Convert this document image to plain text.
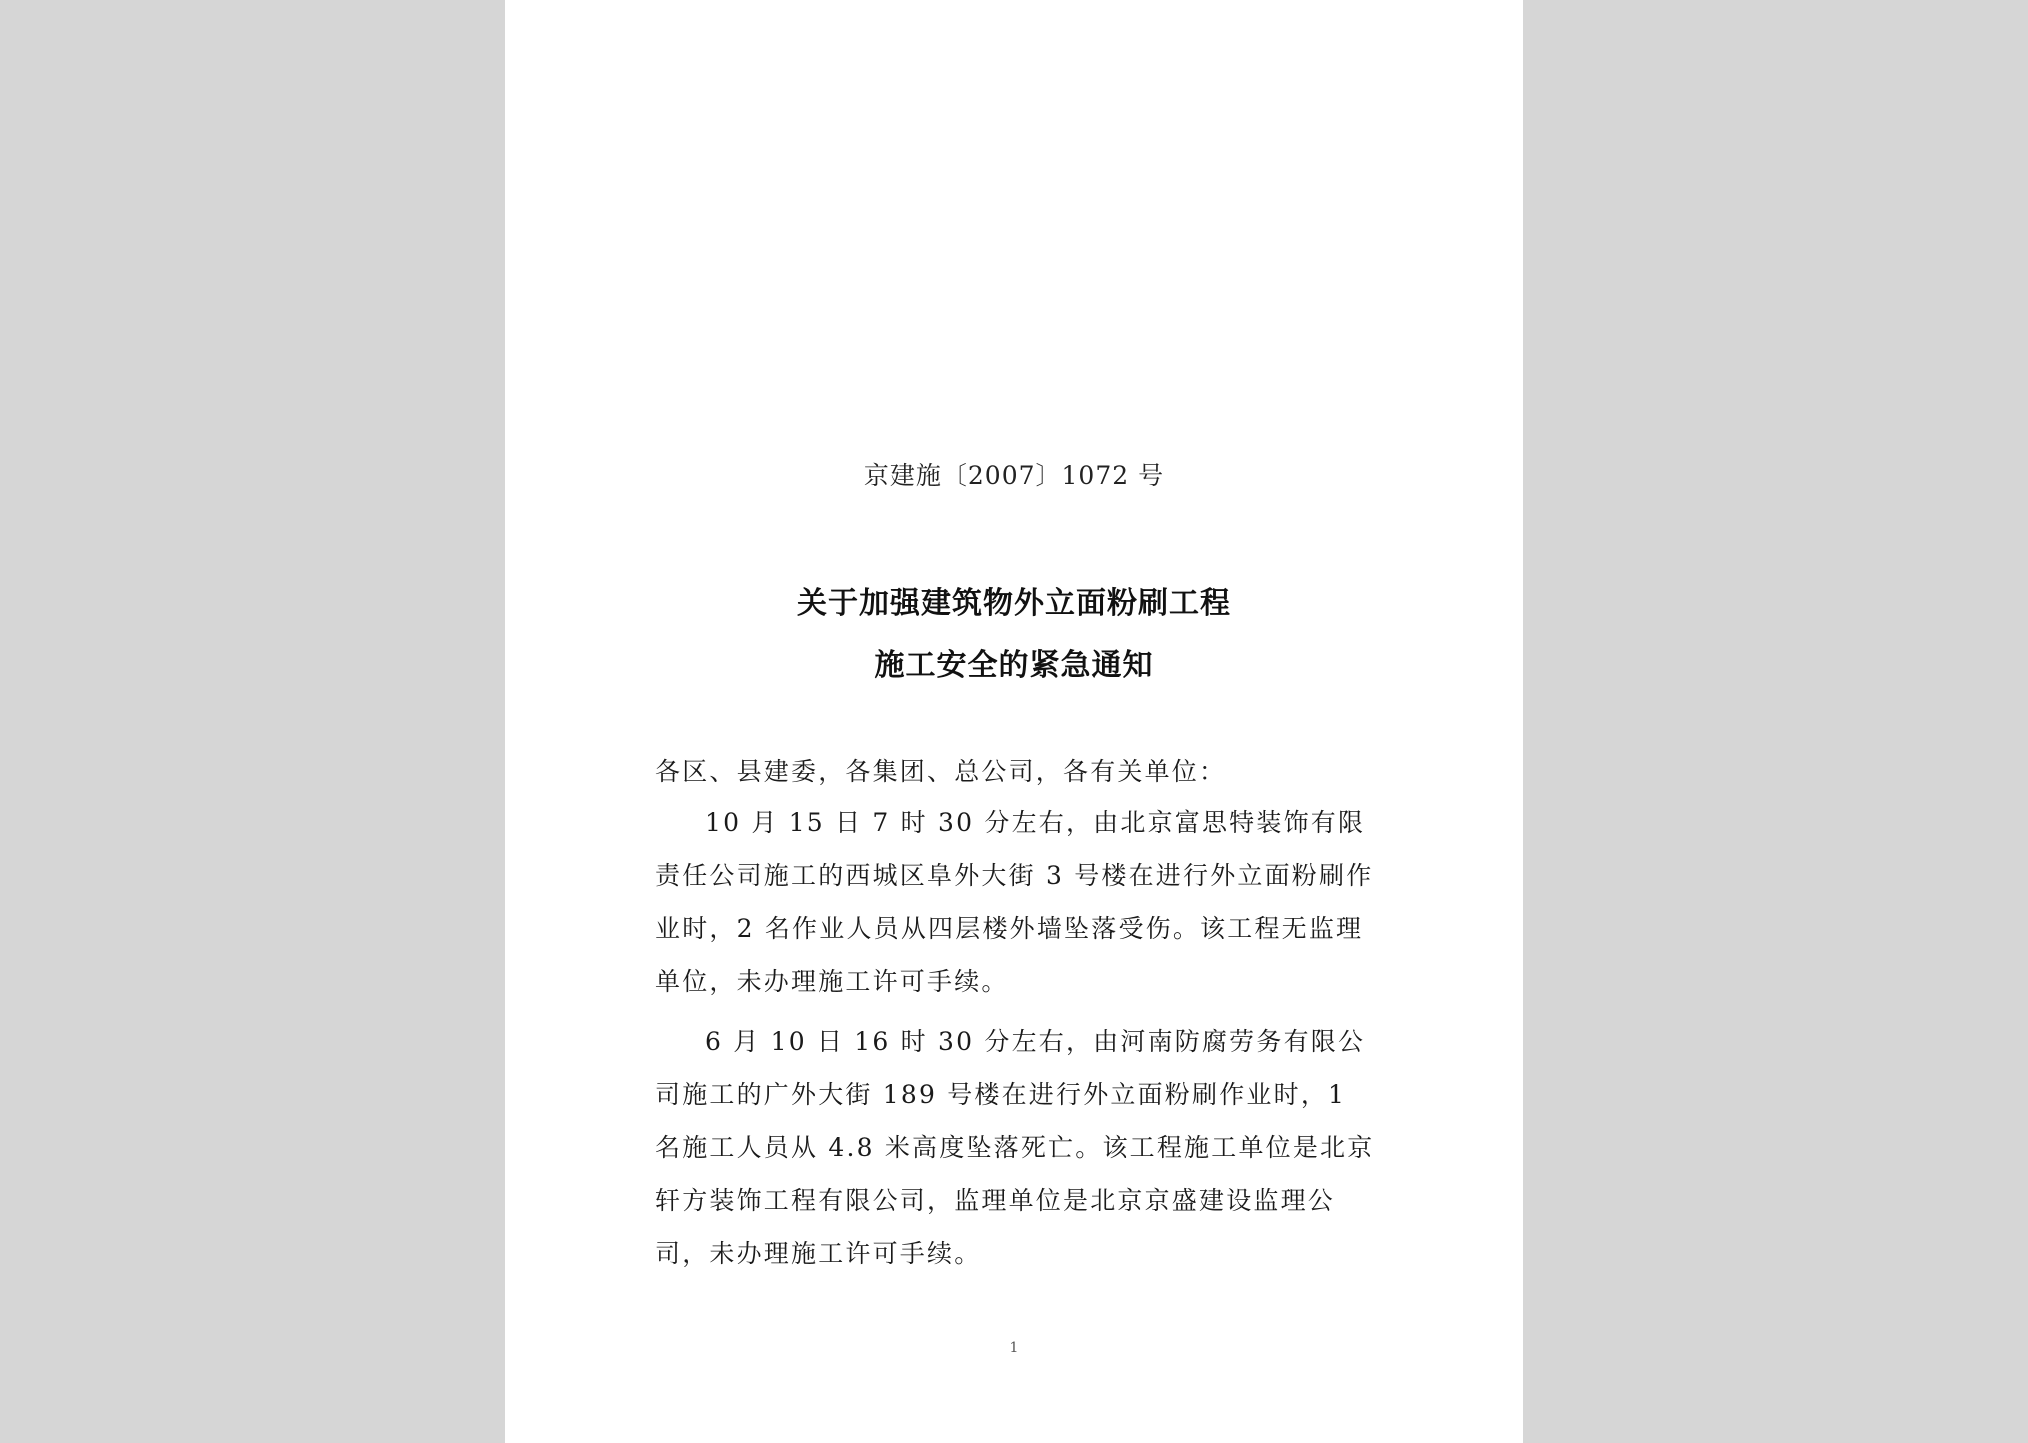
京建施〔2007〕1072 号
关于加强建筑物外立面粉刷工程
施工安全的紧急通知
各区、县建委，各集团、总公司，各有关单位：

10 月 15 日 7 时 30 分左右，由北京富思特装饰有限责任公司施工的西城区阜外大街 3 号楼在进行外立面粉刷作业时，2 名作业人员从四层楼外墙坠落受伤。该工程无监理单位，未办理施工许可手续。

6 月 10 日 16 时 30 分左右，由河南防腐劳务有限公司施工的广外大街 189 号楼在进行外立面粉刷作业时，1 名施工人员从 4.8 米高度坠落死亡。该工程施工单位是北京轩方装饰工程有限公司，监理单位是北京京盛建设监理公司，未办理施工许可手续。

1
